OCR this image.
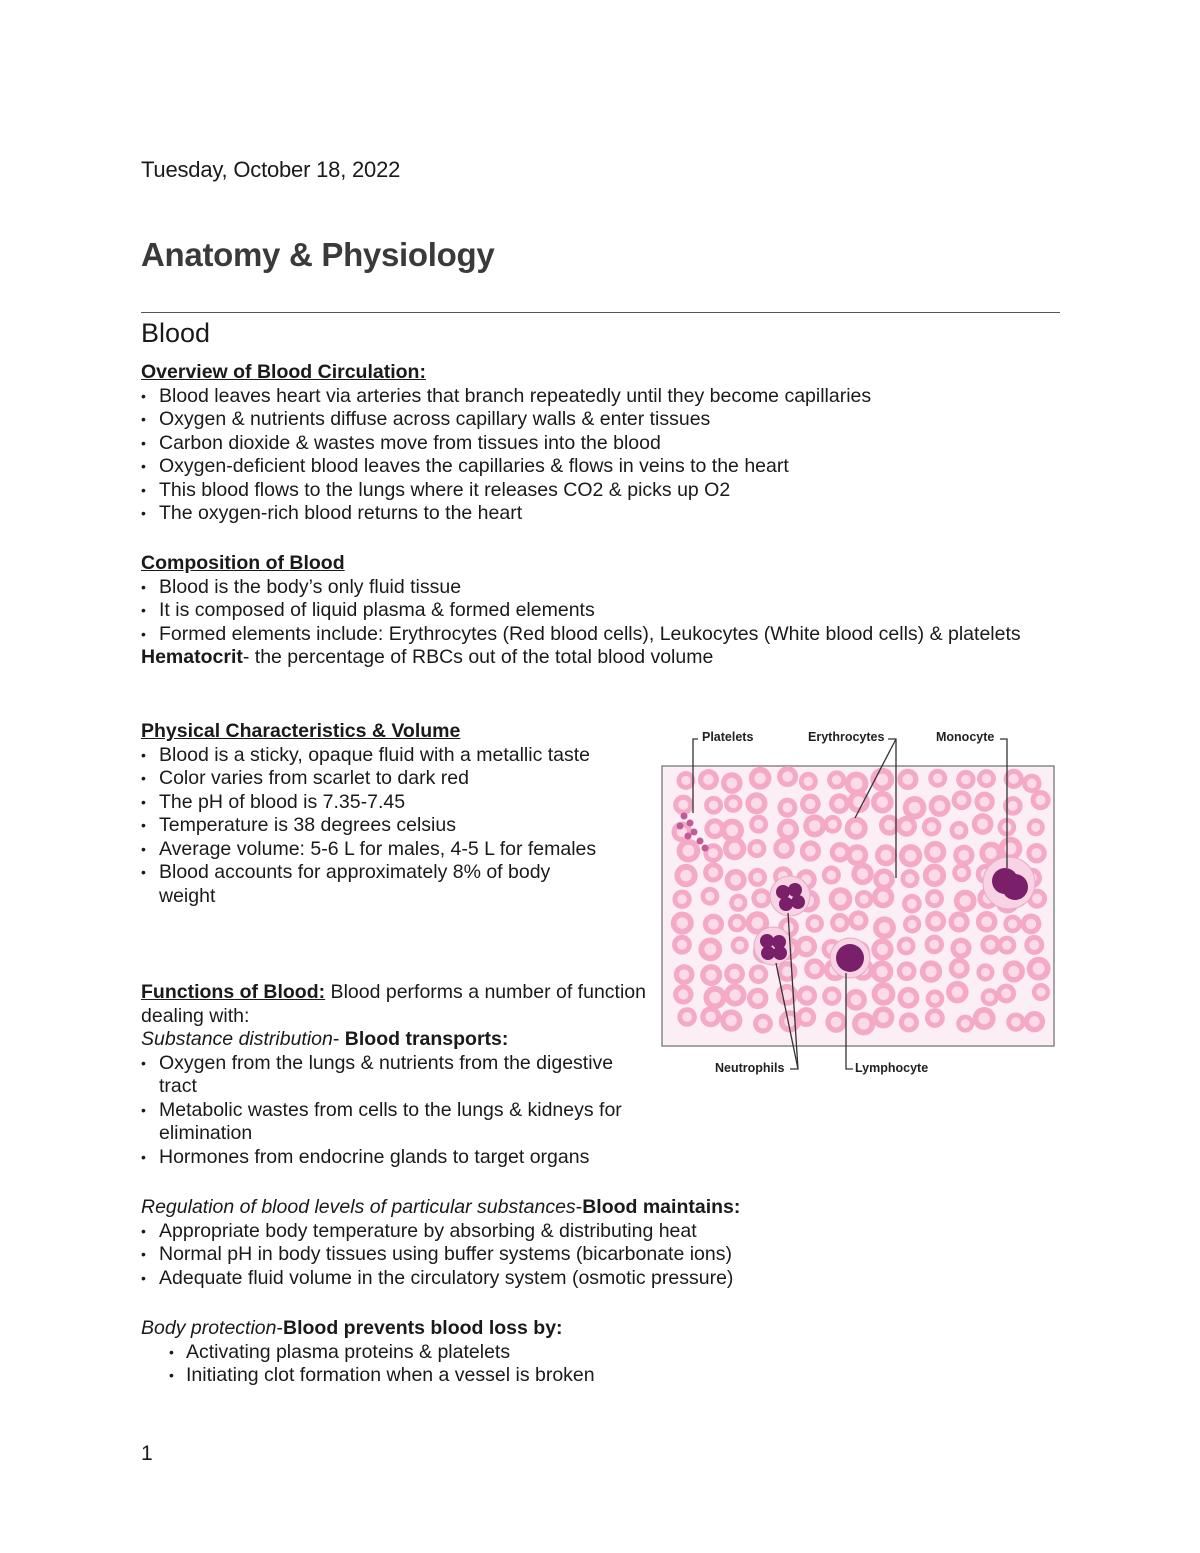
Tuesday, October 18, 2022
Anatomy & Physiology
Blood
Overview of Blood Circulation:
• Blood leaves heart via arteries that branch repeatedly until they become capillaries
• Oxygen & nutrients diffuse across capillary walls & enter tissues
• Carbon dioxide & wastes move from tissues into the blood
• Oxygen-deficient blood leaves the capillaries & flows in veins to the heart
• This blood flows to the lungs where it releases CO2 & picks up O2
• The oxygen-rich blood returns to the heart
Composition of Blood
• Blood is the body’s only fluid tissue
• It is composed of liquid plasma & formed elements
• Formed elements include: Erythrocytes (Red blood cells), Leukocytes (White blood cells) & platelets
Hematocrit- the percentage of RBCs out of the total blood volume
Physical Characteristics & Volume
• Blood is a sticky, opaque fluid with a metallic taste
• Color varies from scarlet to dark red
• The pH of blood is 7.35-7.45
• Temperature is 38 degrees celsius
• Average volume: 5-6 L for males, 4-5 L for females
• Blood accounts for approximately 8% of body weight
Functions of Blood: Blood performs a number of function dealing with:
Substance distribution- Blood transports:
• Oxygen from the lungs & nutrients from the digestive tract
• Metabolic wastes from cells to the lungs & kidneys for elimination
• Hormones from endocrine glands to target organs
Regulation of blood levels of particular substances-Blood maintains:
• Appropriate body temperature by absorbing & distributing heat
• Normal pH in body tissues using buffer systems (bicarbonate ions)
• Adequate fluid volume in the circulatory system (osmotic pressure)
Body protection-Blood prevents blood loss by:
• Activating plasma proteins & platelets
• Initiating clot formation when a vessel is broken
Platelets	Erythrocytes	Monocyte
Neutrophils	Lymphocyte
1
